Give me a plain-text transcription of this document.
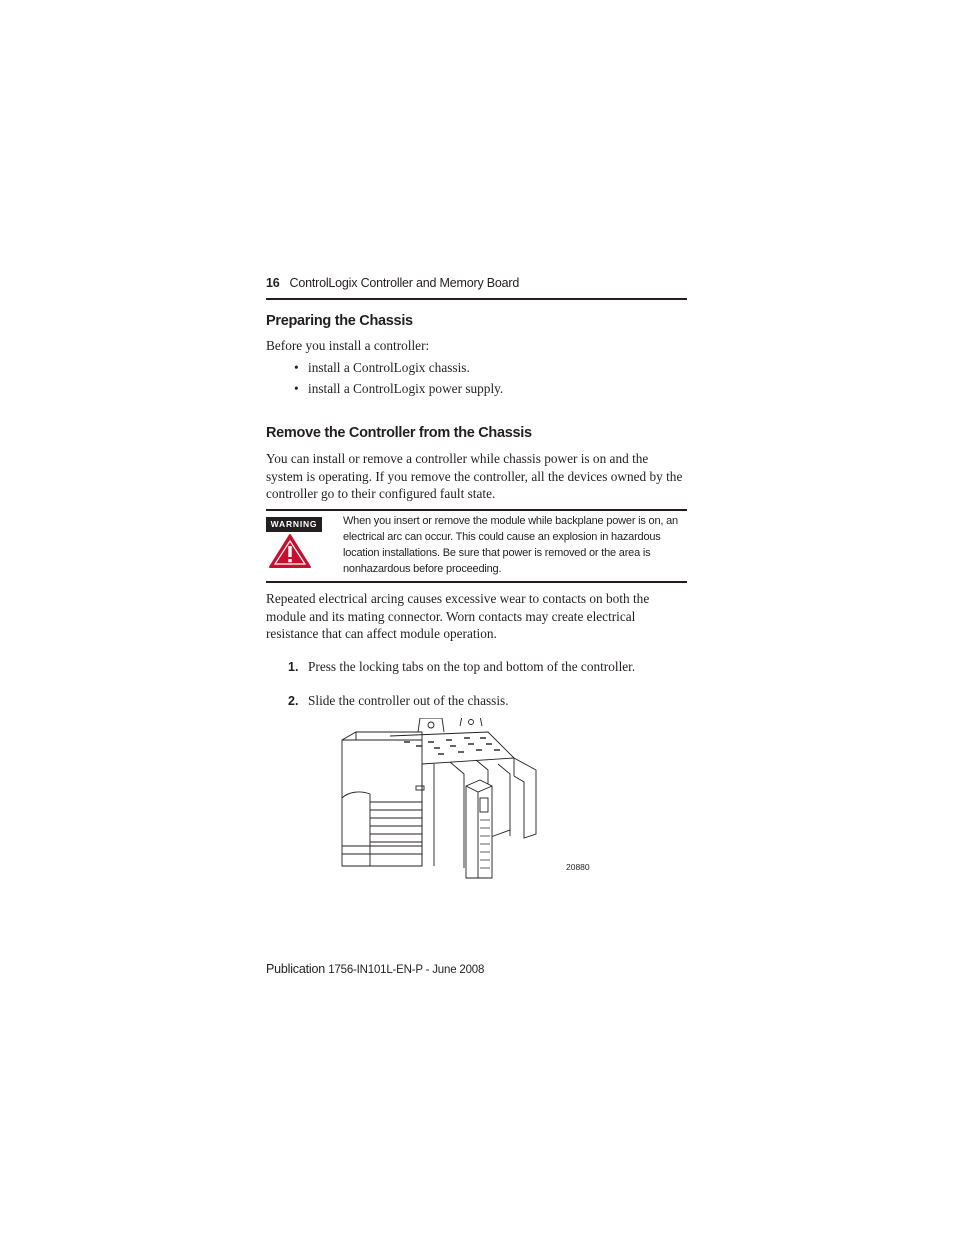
16 ControlLogix Controller and Memory Board
Preparing the Chassis
Before you install a controller:
• install a ControlLogix chassis.
• install a ControlLogix power supply.
Remove the Controller from the Chassis
You can install or remove a controller while chassis power is on and the system is operating. If you remove the controller, all the devices owned by the controller go to their configured fault state.
WARNING	When you insert or remove the module while backplane power is on, an electrical arc can occur. This could cause an explosion in hazardous location installations. Be sure that power is removed or the area is nonhazardous before proceeding.
Repeated electrical arcing causes excessive wear to contacts on both the module and its mating connector. Worn contacts may create electrical resistance that can affect module operation.
1. Press the locking tabs on the top and bottom of the controller.
2. Slide the controller out of the chassis.
20880
Publication 1756-IN101L-EN-P - June 2008
